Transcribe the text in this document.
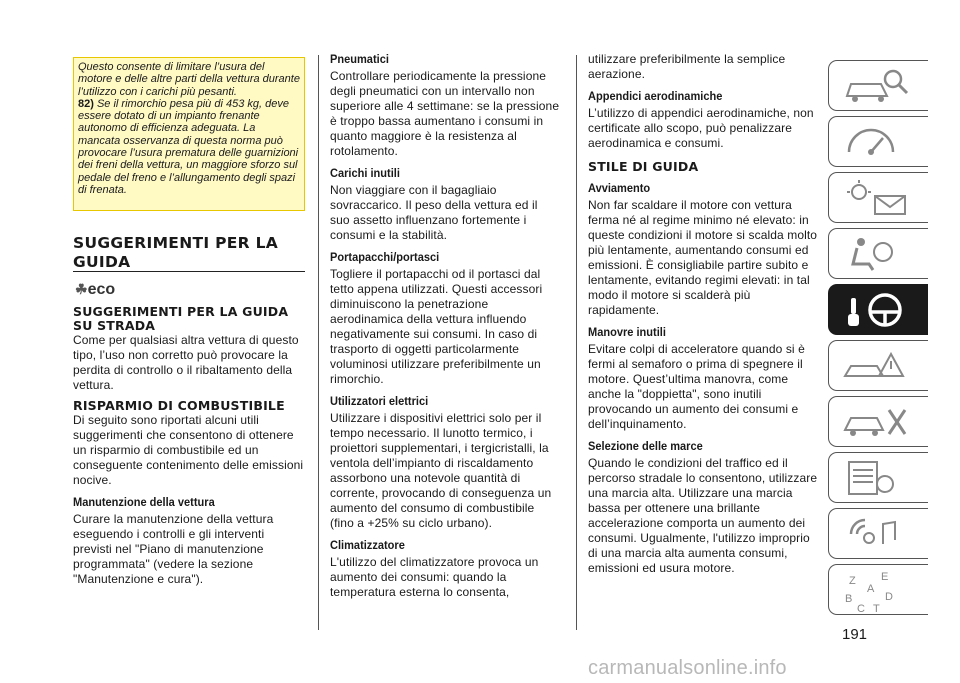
Questo consente di limitare l’usura del motore e delle altre parti della vettura durante l’utilizzo con i carichi più pesanti.
82) Se il rimorchio pesa più di 453 kg, deve essere dotato di un impianto frenante autonomo di efficienza adeguata. La mancata osservanza di questa norma può provocare l’usura prematura delle guarnizioni dei freni della vettura, un maggiore sforzo sul pedale del freno e l’allungamento degli spazi di frenata.
SUGGERIMENTI PER LA
GUIDA
☘eco
SUGGERIMENTI PER LA GUIDA
SU STRADA

Come per qualsiasi altra vettura di questo tipo, l’uso non corretto può provocare la perdita di controllo o il ribaltamento della vettura.

RISPARMIO DI COMBUSTIBILE

Di seguito sono riportati alcuni utili suggerimenti che consentono di ottenere un risparmio di combustibile ed un conseguente contenimento delle emissioni nocive.

Manutenzione della vettura

Curare la manutenzione della vettura eseguendo i controlli e gli interventi previsti nel "Piano di manutenzione programmata" (vedere la sezione "Manutenzione e cura").

Pneumatici

Controllare periodicamente la pressione degli pneumatici con un intervallo non superiore alle 4 settimane: se la pressione è troppo bassa aumentano i consumi in quanto maggiore è la resistenza al rotolamento.

Carichi inutili

Non viaggiare con il bagagliaio sovraccarico. Il peso della vettura ed il suo assetto influenzano fortemente i consumi e la stabilità.

Portapacchi/portasci

Togliere il portapacchi od il portasci dal tetto appena utilizzati. Questi accessori diminuiscono la penetrazione aerodinamica della vettura influendo negativamente sui consumi. In caso di trasporto di oggetti particolarmente voluminosi utilizzare preferibilmente un rimorchio.

Utilizzatori elettrici

Utilizzare i dispositivi elettrici solo per il tempo necessario. Il lunotto termico, i proiettori supplementari, i tergicristalli, la ventola dell’impianto di riscaldamento assorbono una notevole quantità di corrente, provocando di conseguenza un aumento del consumo di combustibile (fino a +25% su ciclo urbano).

Climatizzatore

L'utilizzo del climatizzatore provoca un aumento dei consumi: quando la temperatura esterna lo consenta,

utilizzare preferibilmente la semplice aerazione.

Appendici aerodinamiche

L’utilizzo di appendici aerodinamiche, non certificate allo scopo, può penalizzare aerodinamica e consumi.

STILE DI GUIDA
Avviamento

Non far scaldare il motore con vettura ferma né al regime minimo né elevato: in queste condizioni il motore si scalda molto più lentamente, aumentando consumi ed emissioni. È consigliabile partire subito e lentamente, evitando regimi elevati: in tal modo il motore si scalderà più rapidamente.

Manovre inutili

Evitare colpi di acceleratore quando si è fermi al semaforo o prima di spegnere il motore. Quest’ultima manovra, come anche la "doppietta", sono inutili provocando un aumento dei consumi e dell’inquinamento.

Selezione delle marce

Quando le condizioni del traffico ed il percorso stradale lo consentono, utilizzare una marcia alta. Utilizzare una marcia bassa per ottenere una brillante accelerazione comporta un aumento dei consumi. Ugualmente, l'utilizzo improprio di una marcia alta aumenta consumi, emissioni ed usura motore.

Z E
A
B	D
C T
191
carmanualsonline.info
